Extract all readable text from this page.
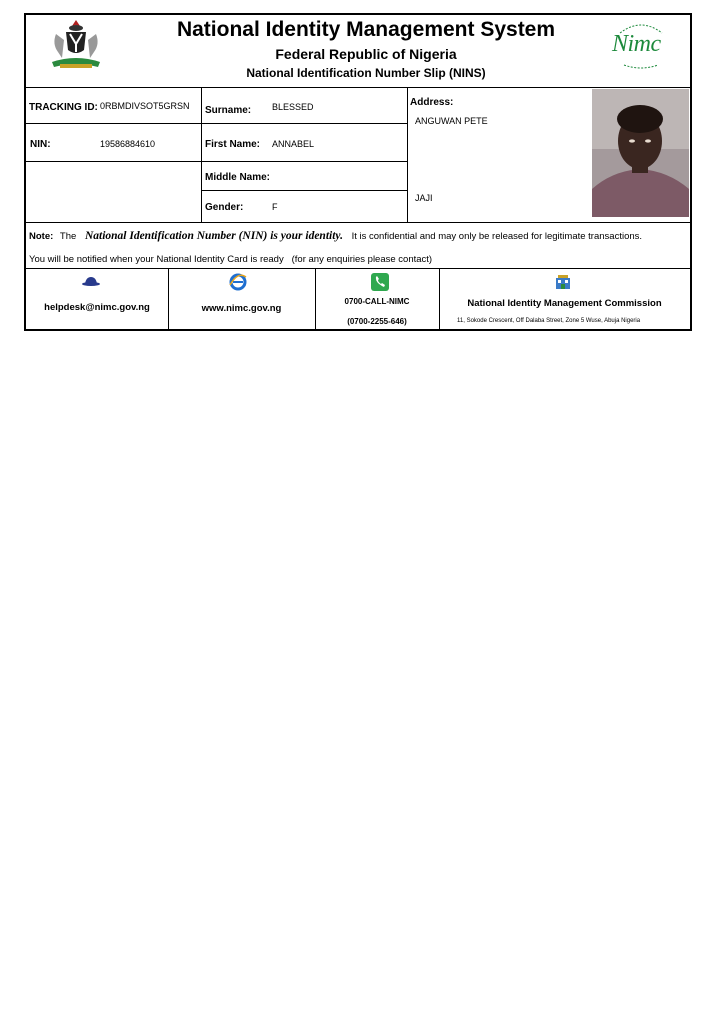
National Identity Management System
Federal Republic of Nigeria
National Identification Number Slip (NINS)
Nimc
TRACKING ID: 0RBMDIVSOT5GRSN Surname: BLESSED
NIN:	19586884610	First Name: ANNABEL
Middle Name:
Gender:	F
Address:
ANGUWAN PETE
JAJI
Note: The National Identification Number (NIN) is your identity. It is confidential and may only be released for legitimate transactions.
You will be notified when your National Identity Card is ready   (for any enquiries please contact)
helpdesk@nimc.gov.ng	www.nimc.gov.ng
0700-CALL-NIMC
(0700-2255-646)
National Identity Management Commission
11, Sokode Crescent, Off Dalaba Street, Zone 5 Wuse, Abuja Nigeria
